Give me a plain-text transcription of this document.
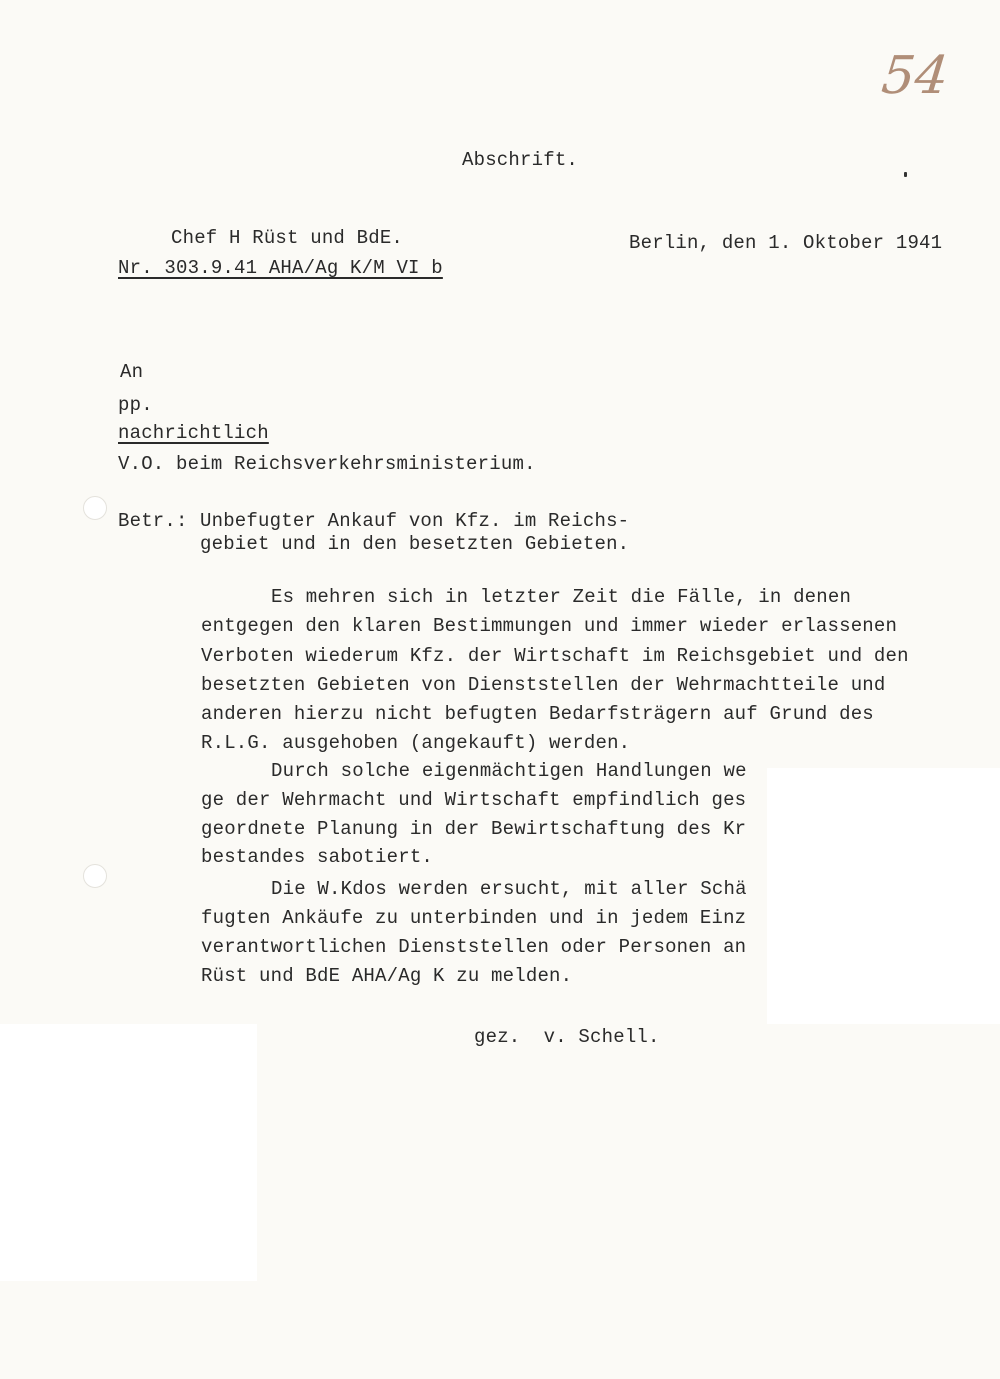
54
Abschrift.
Chef H Rüst und BdE.
Nr. 303.9.41 AHA/Ag K/M VI b
Berlin, den 1. Oktober 1941
An
pp.
nachrichtlich
V.O. beim Reichsverkehrsministerium.
Betr.: Unbefugter Ankauf von Kfz. im Reichs-
gebiet und in den besetzten Gebieten.
Es mehren sich in letzter Zeit die Fälle, in denen
entgegen den klaren Bestimmungen und immer wieder erlassenen
Verboten wiederum Kfz. der Wirtschaft im Reichsgebiet und den
besetzten Gebieten von Dienststellen der Wehrmachtteile und
anderen hierzu nicht befugten Bedarfsträgern auf Grund des
R.L.G. ausgehoben (angekauft) werden.
Durch solche eigenmächtigen Handlungen we
ge der Wehrmacht und Wirtschaft empfindlich ges
geordnete Planung in der Bewirtschaftung des Kr
bestandes sabotiert.
Die W.Kdos werden ersucht, mit aller Schä
fugten Ankäufe zu unterbinden und in jedem Einz
verantwortlichen Dienststellen oder Personen an
Rüst und BdE AHA/Ag K zu melden.
gez.  v. Schell.
